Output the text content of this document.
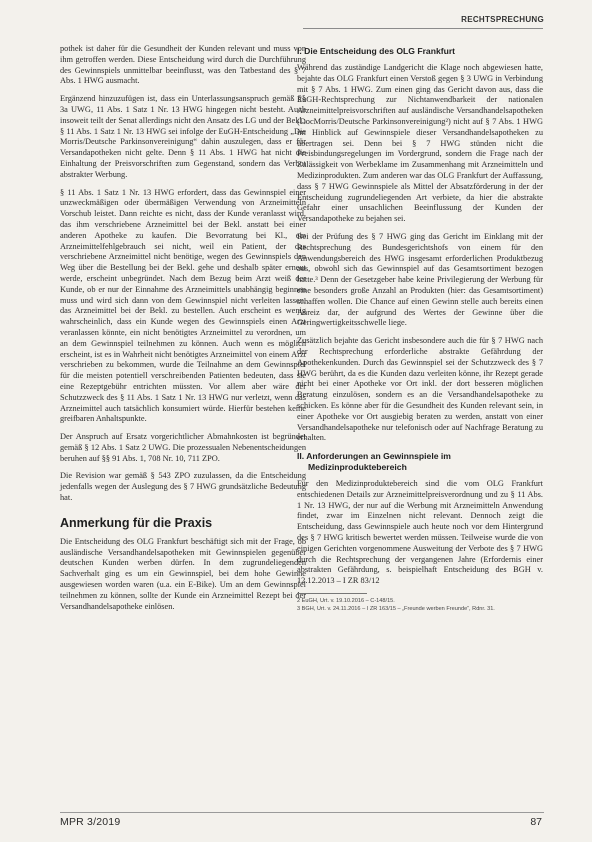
RECHTSPRECHUNG

pothek ist daher für die Gesundheit der Kunden relevant und muss von ihm getroffen werden. Diese Entscheidung wird durch die Durchführung des Gewinnspiels unmittelbar beeinflusst, was den Tatbestand des § 7 Abs. 1 HWG ausmacht.

Ergänzend hinzuzufügen ist, dass ein Unterlassungsanspruch gemäß §§ 3a UWG, 11 Abs. 1 Satz 1 Nr. 13 HWG hingegen nicht besteht. Auch insoweit teilt der Senat allerdings nicht den Ansatz des LG und der Bekl., § 11 Abs. 1 Satz 1 Nr. 13 HWG sei infolge der EuGH-Entscheidung „Die Morris/Deutsche Parkinsonvereinigung“ dahin auszulegen, dass er für Versandapotheken nicht gelte. Denn § 11 Abs. 1 HWG hat nicht die Einhaltung der Preisvorschriften zum Gegenstand, sondern das Verbot abstrakter Werbung.

§ 11 Abs. 1 Satz 1 Nr. 13 HWG erfordert, dass das Gewinnspiel einer unzweckmäßigen oder übermäßigen Verwendung von Arzneimitteln Vorschub leistet. Dann reichte es nicht, dass der Kunde veranlasst wird, das ihm verschriebene Arzneimittel bei der Bekl. anstatt bei einer anderen Apotheke zu kaufen. Die Bevorratung bei Kl., ein Arzneimittelfehlgebrauch sei nicht, weil ein Patient, der das verschriebene Arzneimittel nicht benötige, wegen des Gewinnspiels den Weg über die Bestellung bei der Bekl. gehe und deshalb später erneut werde, erscheint unbegründet. Nach dem Bezug beim Arzt weiß der Kunde, ob er nur der Einnahme des Arzneimittels unabhängig beginnen muss und wird sich dann von dem Gewinnspiel nicht verleiten lassen, das Arzneimittel bei der Bekl. zu bestellen. Auch erscheint es wenig wahrscheinlich, dass ein Kunde wegen des Gewinnspiels einen Arzt veranlassen könnte, ein nicht benötigtes Arzneimittel zu verordnen, um an dem Gewinnspiel teilnehmen zu können. Auch wenn es möglich erscheint, ist es in Wahrheit nicht benötigtes Arzneimittel von einem Arzt verschrieben zu bekommen, wurde die Teilnahme an dem Gewinnspiel für die meisten potentiell verschreibenden Patienten bedeuten, dass sie eine Rezeptgebühr entrichten müssten. Vor allem aber wäre der Schutzzweck des § 11 Abs. 1 Satz 1 Nr. 13 HWG nur verletzt, wenn das Arzneimittel auch tatsächlich konsumiert würde. Hierfür bestehen keine greifbaren Anhaltspunkte.

Der Anspruch auf Ersatz vorgerichtlicher Abmahnkosten ist begründet gemäß § 12 Abs. 1 Satz 2 UWG. Die prozessualen Nebenentscheidungen beruhen auf §§ 91 Abs. 1, 708 Nr. 10, 711 ZPO.

Die Revision war gemäß § 543 ZPO zuzulassen, da die Entscheidung jedenfalls wegen der Auslegung des § 7 HWG grundsätzliche Bedeutung hat.

Anmerkung für die Praxis

Die Entscheidung des OLG Frankfurt beschäftigt sich mit der Frage, ob ausländische Versandhandelsapotheken mit Gewinnspielen gegenüber deutschen Kunden werben dürfen. In dem zugrundeliegenden Sachverhalt ging es um ein Gewinnspiel, bei dem hohe Gewinne ausgewiesen worden waren (u.a. ein E-Bike). Um an dem Gewinnspiel teilnehmen zu können, sollte der Kunde ein Arzneimittel Rezept bei der Versandhandelsapotheke einlösen.

I. Die Entscheidung des OLG Frankfurt

Während das zuständige Landgericht die Klage noch abgewiesen hatte, bejahte das OLG Frankfurt einen Verstoß gegen § 3 UWG in Verbindung mit § 7 Abs. 1 HWG. Zum einen ging das Gericht davon aus, dass die EuGH-Rechtsprechung zur Nichtanwendbarkeit der nationalen Arzneimittelpreisvorschriften auf ausländische Versandhandelsapotheken (DocMorris/Deutsche Parkinsonvereinigung²) nicht auf § 7 Abs. 1 HWG im Hinblick auf Gewinnspiele dieser Versandhandelsapotheken zu übertragen sei. Denn bei § 7 HWG stünden nicht die Preisbindungsregelungen im Vordergrund, sondern die Frage nach der Zulässigkeit von Werbeklame im Zusammenhang mit Arzneimitteln und Medizinprodukten. Zum anderen war das OLG Frankfurt der Auffassung, dass § 7 HWG Gewinnspiele als Mittel der Absatzförderung in der der Entscheidung zugrundeliegenden Art verbiete, da hier die abstrakte Gefahr einer unsachlichen Beeinflussung der Kunden der Versandapotheke zu bejahen sei.

Bei der Prüfung des § 7 HWG ging das Gericht im Einklang mit der Rechtsprechung des Bundesgerichtshofs von einem für den Anwendungsbereich des HWG insgesamt erforderlichen Produktbezug aus, obwohl sich das Gewinnspiel auf das Gesamtsortiment bezogen hatte.³ Denn der Gesetzgeber habe keine Privilegierung der Werbung für eine besonders große Anzahl an Produkten (hier: das Gesamtsortiment) schaffen wollen. Die Chance auf einen Gewinn stelle auch bereits einen Anreiz dar, der aufgrund des Wertes der Gewinne über die Geringwertigkeitsschwelle liege.

Zusätzlich bejahte das Gericht insbesondere auch die für § 7 HWG nach der Rechtsprechung erforderliche abstrakte Gefährdung der Apothekenkunden. Durch das Gewinnspiel sei der Schutzzweck des § 7 HWG berührt, da es die Kunden dazu verleiten könne, ihr Rezept gerade nicht bei einer Apotheke vor Ort inkl. der dort besseren möglichen Beratung einzulösen, sondern es an die Versandhandelsapotheke zu schicken. Es könne aber für die Gesundheit des Kunden relevant sein, in einer Apotheke vor Ort ausgiebig beraten zu werden, anstatt von einer Versandhandelsapotheke nur telefonisch oder auf Nachfrage Beratung zu erhalten.

II. Anforderungen an Gewinnspiele im
Medizinproduktebereich

Für den Medizinproduktebereich sind die vom OLG Frankfurt entschiedenen Details zur Arzneimittelpreisverordnung und zu § 11 Abs. 1 Nr. 13 HWG, der nur auf die Werbung mit Arzneimitteln Anwendung findet, zwar im Einzelnen nicht relevant. Dennoch zeigt die Entscheidung, dass Gewinnspiele auch heute noch vor dem Hintergrund des § 7 HWG kritisch bewertet werden müssen. Teilweise wurde die von einigen Gerichten vorgenommene Ausweitung der Verbote des § 7 HWG durch die Rechtsprechung der vergangenen Jahre (Erfordernis einer abstrakten Gefährdung, s. beispielhaft Entscheidung des BGH v. 12.12.2013 – I ZR 83/12

2 EuGH, Urt. v. 19.10.2016 – C-148/15.
3 BGH, Urt. v. 24.11.2016 – I ZR 163/15 – „Freunde werben Freunde“, Rdnr. 31.
MPR 3/2019	87
